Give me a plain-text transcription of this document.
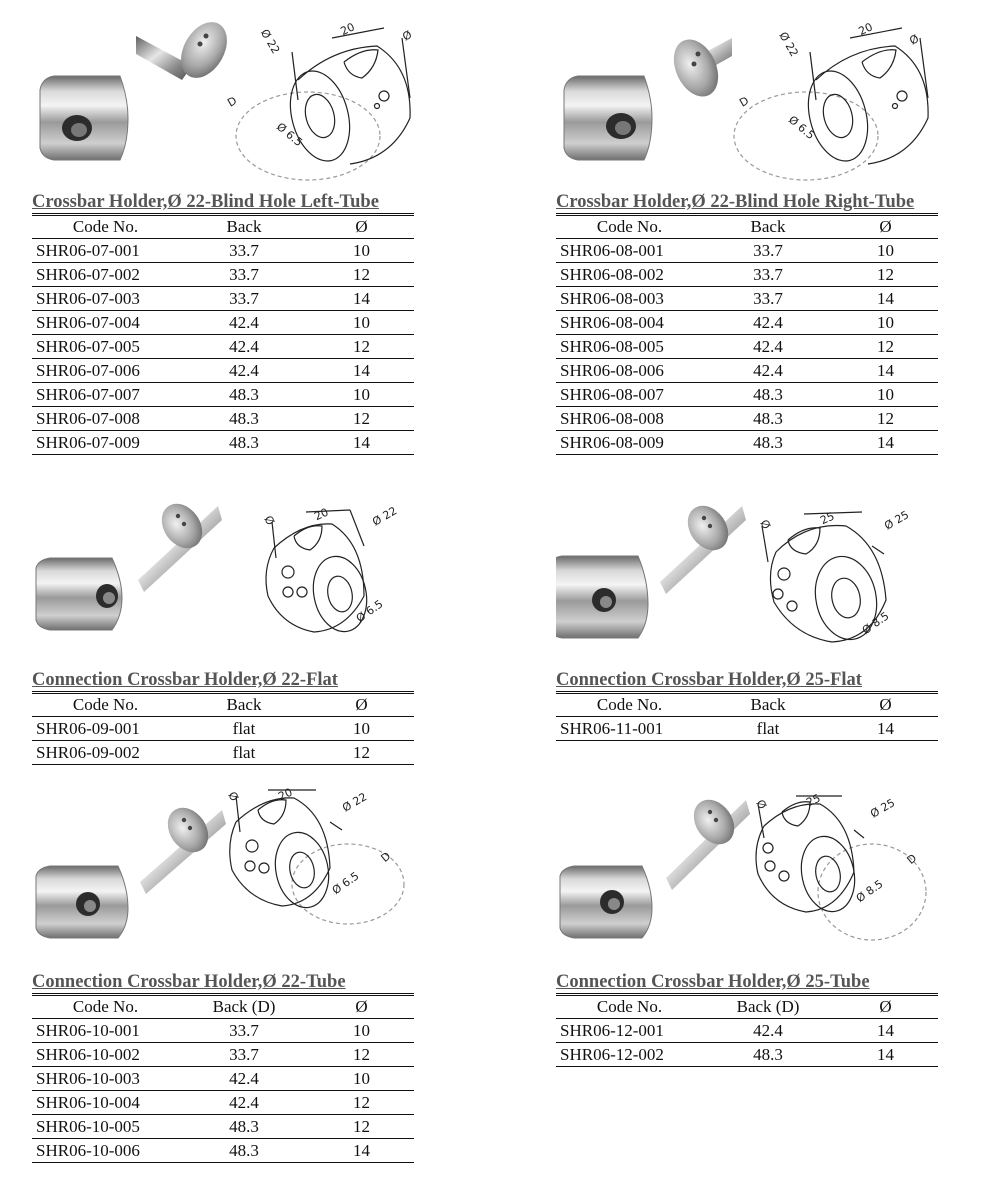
Ø 22	20	Ø
D
Ø 6.5
Crossbar Holder,Ø 22-Blind Hole Left-Tube
Code No.	Back	Ø
SHR06-07-001	33.7	10
SHR06-07-002	33.7	12
SHR06-07-003	33.7	14
SHR06-07-004	42.4	10
SHR06-07-005	42.4	12
SHR06-07-006	42.4	14
SHR06-07-007	48.3	10
SHR06-07-008	48.3	12
SHR06-07-009	48.3	14
Ø 22
20
Ø
D
Ø 6.5
Crossbar Holder,Ø 22-Blind Hole Right-Tube
Code No.	Back	Ø
SHR06-08-001	33.7	10
SHR06-08-002	33.7	12
SHR06-08-003	33.7	14
SHR06-08-004	42.4	10
SHR06-08-005	42.4	12
SHR06-08-006	42.4	14
SHR06-08-007	48.3	10
SHR06-08-008	48.3	12
SHR06-08-009	48.3	14
Ø	20	Ø 22
Ø 6.5
Connection Crossbar Holder,Ø 22-Flat
Code No.	Back	Ø
SHR06-09-001	flat	10
SHR06-09-002	flat	12
Ø	25	Ø 25
Ø 8.5
Connection Crossbar Holder,Ø 25-Flat
Code No.	Back	Ø
SHR06-11-001	flat	14
Ø	20	Ø 22
D
Ø 6.5
Connection Crossbar Holder,Ø 22-Tube
Code No.	Back (D)	Ø
SHR06-10-001	33.7	10
SHR06-10-002	33.7	12
SHR06-10-003	42.4	10
SHR06-10-004	42.4	12
SHR06-10-005	48.3	12
SHR06-10-006	48.3	14
Ø	25	Ø 25
D
Ø 8.5
Connection Crossbar Holder,Ø 25-Tube
Code No.	Back (D)	Ø
SHR06-12-001	42.4	14
SHR06-12-002	48.3	14
